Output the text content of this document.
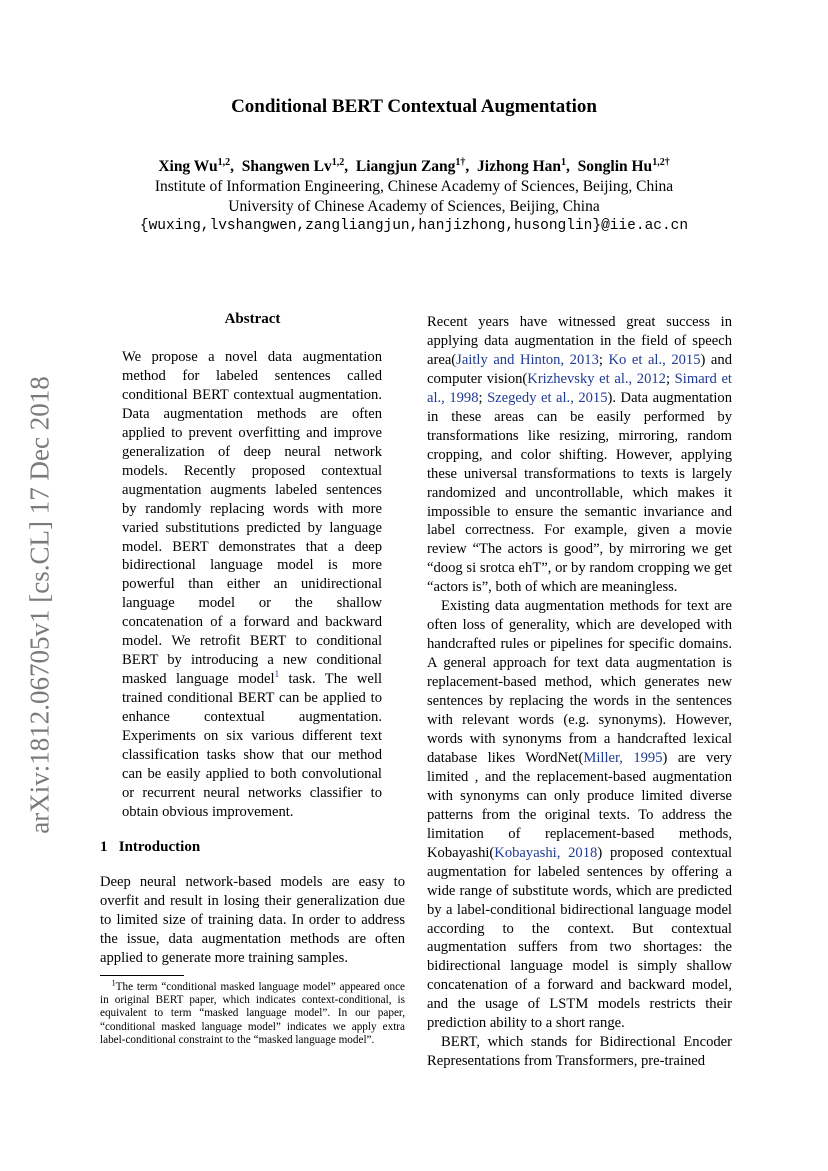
Conditional BERT Contextual Augmentation
Xing Wu$^{1,2}$,  Shangwen Lv$^{1,2}$,  Liangjun Zang$^{1\dagger}$,  Jizhong Han$^1$,  Songlin $Hu^{1,2\dagger}$
Institute of Information Engineering, Chinese Academy of Sciences, Beijing, China
University of Chinese Academy of Sciences, Beijing, China
{wuxing,lvshangwen,zangliangjun,hanjizhong,husonglin}@iie.ac.cn
arXiv:1812.06705v1 [cs.CL] 17 Dec 2018
Abstract

We propose a novel data augmentation method for labeled sentences called conditional BERT contextual augmentation. Data augmentation methods are often applied to prevent overfitting and improve generalization of deep neural network models. Recently proposed contextual augmentation augments labeled sentences by randomly replacing words with more varied substitutions predicted by language model. BERT demonstrates that a deep bidirectional language model is more powerful than either an unidirectional language model or the shallow concatenation of a forward and backward model. We retrofit BERT to conditional BERT by introducing a new conditional masked language model$^1$ task. The well trained conditional BERT can be applied to enhance contextual augmentation. Experiments on six various different text classification tasks show that our method can be easily applied to both convolutional or recurrent neural networks classifier to obtain obvious improvement.

1 Introduction

Deep neural network-based models are easy to overfit and result in losing their generalization due to limited size of training data. In order to address the issue, data augmentation methods are often applied to generate more training samples.

$^1$The term “conditional masked language model” appeared once in original BERT paper, which indicates context-conditional, is equivalent to term “masked language model”. In our paper, “conditional masked language model” indicates we apply extra label-conditional constraint to the “masked language model”.

Recent years have witnessed great success in applying data augmentation in the field of speech area(Jaitly and Hinton, 2013; Ko et al., 2015) and computer vision(Krizhevsky et al., 2012; Simard et al., 1998; Szegedy et al., 2015). Data augmentation in these areas can be easily performed by transformations like resizing, mirroring, random cropping, and color shifting. However, applying these universal transformations to texts is largely randomized and uncontrollable, which makes it impossible to ensure the semantic invariance and label correctness. For example, given a movie review “The actors is good”, by mirroring we get “doog si srotca ehT”, or by random cropping we get “actors is”, both of which are meaningless.

Existing data augmentation methods for text are often loss of generality, which are developed with handcrafted rules or pipelines for specific domains. A general approach for text data augmentation is replacement-based method, which generates new sentences by replacing the words in the sentences with relevant words (e.g. synonyms). However, words with synonyms from a handcrafted lexical database likes WordNet(Miller, 1995) are very limited , and the replacement-based augmentation with synonyms can only produce limited diverse patterns from the original texts. To address the limitation of replacement-based methods, Kobayashi(Kobayashi, 2018) proposed contextual augmentation for labeled sentences by offering a wide range of substitute words, which are predicted by a label-conditional bidirectional language model according to the context. But contextual augmentation suffers from two shortages: the bidirectional language model is simply shallow concatenation of a forward and backward model, and the usage of LSTM models restricts their prediction ability to a short range.

BERT, which stands for Bidirectional Encoder Representations from Transformers, pre-trained
